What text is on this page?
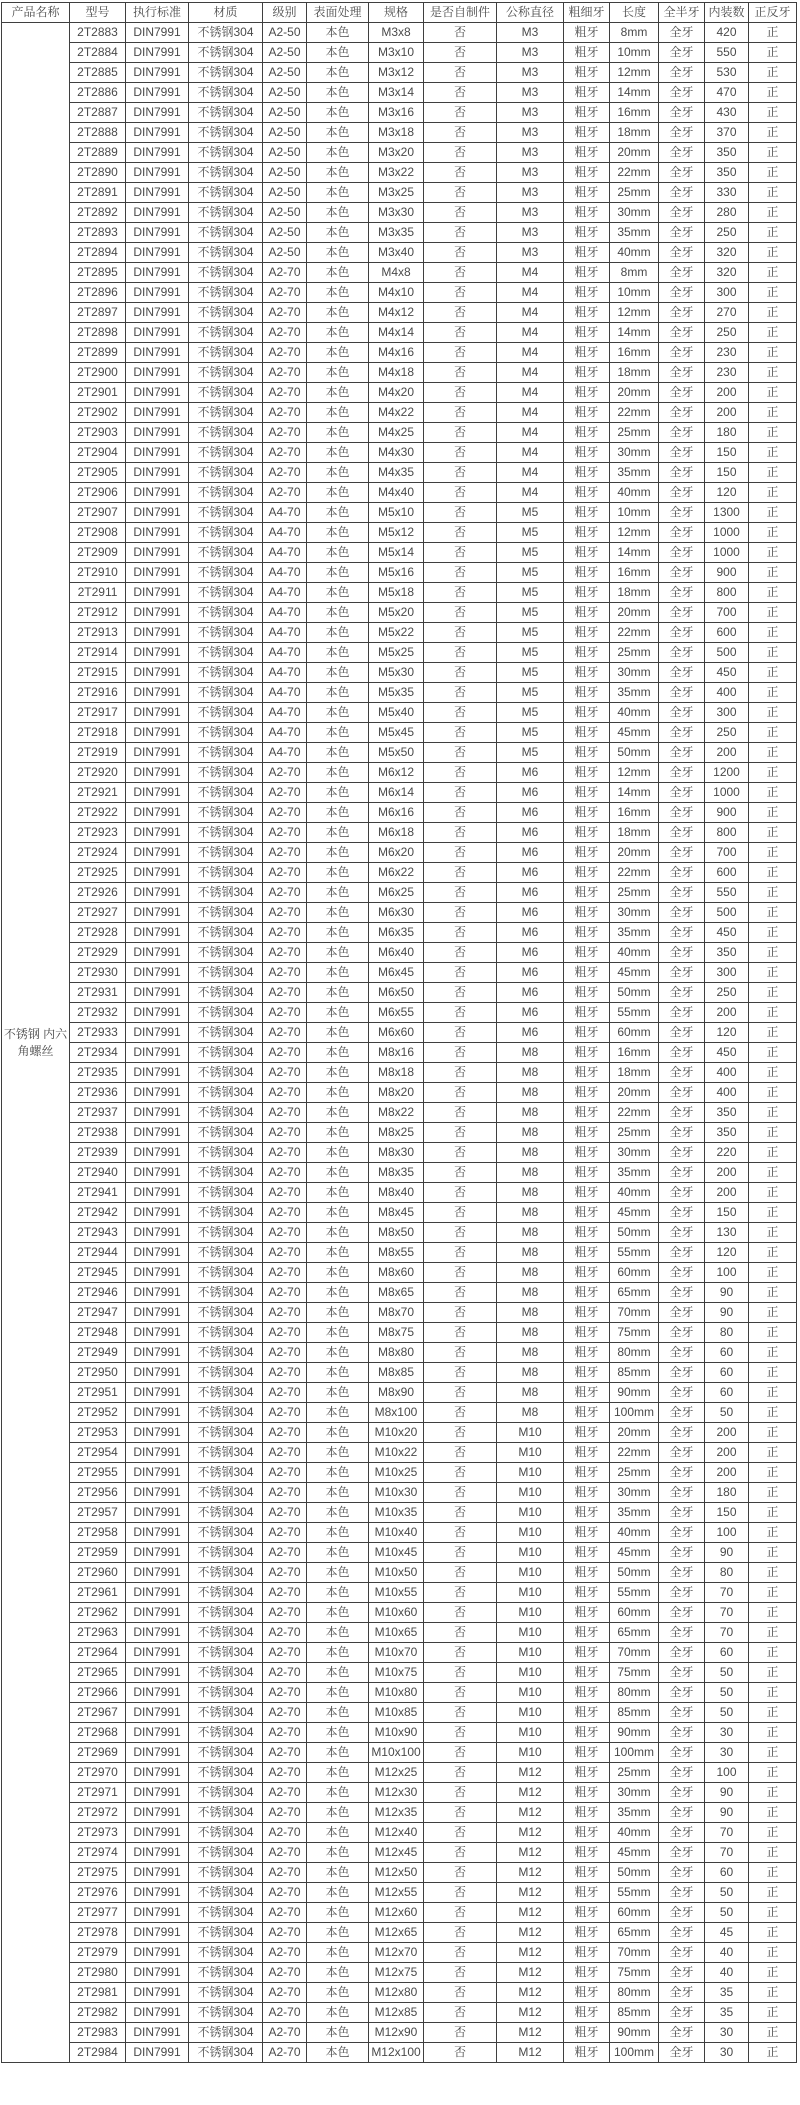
产品名称	型号	执行标准	材质	级别	表面处理	规格	是否自制件	公称直径	粗细牙	长度	全半牙	内装数	正反牙
不锈钢 内六角螺丝	2T2883	DIN7991	不锈钢304	A2-50	本色	M3x8	否	M3	粗牙	8mm	全牙	420	正
	2T2884	DIN7991	不锈钢304	A2-50	本色	M3x10	否	M3	粗牙	10mm	全牙	550	正
	2T2885	DIN7991	不锈钢304	A2-50	本色	M3x12	否	M3	粗牙	12mm	全牙	530	正
	2T2886	DIN7991	不锈钢304	A2-50	本色	M3x14	否	M3	粗牙	14mm	全牙	470	正
	2T2887	DIN7991	不锈钢304	A2-50	本色	M3x16	否	M3	粗牙	16mm	全牙	430	正
	2T2888	DIN7991	不锈钢304	A2-50	本色	M3x18	否	M3	粗牙	18mm	全牙	370	正
	2T2889	DIN7991	不锈钢304	A2-50	本色	M3x20	否	M3	粗牙	20mm	全牙	350	正
	2T2890	DIN7991	不锈钢304	A2-50	本色	M3x22	否	M3	粗牙	22mm	全牙	350	正
	2T2891	DIN7991	不锈钢304	A2-50	本色	M3x25	否	M3	粗牙	25mm	全牙	330	正
	2T2892	DIN7991	不锈钢304	A2-50	本色	M3x30	否	M3	粗牙	30mm	全牙	280	正
	2T2893	DIN7991	不锈钢304	A2-50	本色	M3x35	否	M3	粗牙	35mm	全牙	250	正
	2T2894	DIN7991	不锈钢304	A2-50	本色	M3x40	否	M3	粗牙	40mm	全牙	320	正
	2T2895	DIN7991	不锈钢304	A2-70	本色	M4x8	否	M4	粗牙	8mm	全牙	320	正
	2T2896	DIN7991	不锈钢304	A2-70	本色	M4x10	否	M4	粗牙	10mm	全牙	300	正
	2T2897	DIN7991	不锈钢304	A2-70	本色	M4x12	否	M4	粗牙	12mm	全牙	270	正
	2T2898	DIN7991	不锈钢304	A2-70	本色	M4x14	否	M4	粗牙	14mm	全牙	250	正
	2T2899	DIN7991	不锈钢304	A2-70	本色	M4x16	否	M4	粗牙	16mm	全牙	230	正
	2T2900	DIN7991	不锈钢304	A2-70	本色	M4x18	否	M4	粗牙	18mm	全牙	230	正
	2T2901	DIN7991	不锈钢304	A2-70	本色	M4x20	否	M4	粗牙	20mm	全牙	200	正
	2T2902	DIN7991	不锈钢304	A2-70	本色	M4x22	否	M4	粗牙	22mm	全牙	200	正
	2T2903	DIN7991	不锈钢304	A2-70	本色	M4x25	否	M4	粗牙	25mm	全牙	180	正
	2T2904	DIN7991	不锈钢304	A2-70	本色	M4x30	否	M4	粗牙	30mm	全牙	150	正
	2T2905	DIN7991	不锈钢304	A2-70	本色	M4x35	否	M4	粗牙	35mm	全牙	150	正
	2T2906	DIN7991	不锈钢304	A2-70	本色	M4x40	否	M4	粗牙	40mm	全牙	120	正
	2T2907	DIN7991	不锈钢304	A4-70	本色	M5x10	否	M5	粗牙	10mm	全牙	1300	正
	2T2908	DIN7991	不锈钢304	A4-70	本色	M5x12	否	M5	粗牙	12mm	全牙	1000	正
	2T2909	DIN7991	不锈钢304	A4-70	本色	M5x14	否	M5	粗牙	14mm	全牙	1000	正
	2T2910	DIN7991	不锈钢304	A4-70	本色	M5x16	否	M5	粗牙	16mm	全牙	900	正
	2T2911	DIN7991	不锈钢304	A4-70	本色	M5x18	否	M5	粗牙	18mm	全牙	800	正
	2T2912	DIN7991	不锈钢304	A4-70	本色	M5x20	否	M5	粗牙	20mm	全牙	700	正
	2T2913	DIN7991	不锈钢304	A4-70	本色	M5x22	否	M5	粗牙	22mm	全牙	600	正
	2T2914	DIN7991	不锈钢304	A4-70	本色	M5x25	否	M5	粗牙	25mm	全牙	500	正
	2T2915	DIN7991	不锈钢304	A4-70	本色	M5x30	否	M5	粗牙	30mm	全牙	450	正
	2T2916	DIN7991	不锈钢304	A4-70	本色	M5x35	否	M5	粗牙	35mm	全牙	400	正
	2T2917	DIN7991	不锈钢304	A4-70	本色	M5x40	否	M5	粗牙	40mm	全牙	300	正
	2T2918	DIN7991	不锈钢304	A4-70	本色	M5x45	否	M5	粗牙	45mm	全牙	250	正
	2T2919	DIN7991	不锈钢304	A4-70	本色	M5x50	否	M5	粗牙	50mm	全牙	200	正
	2T2920	DIN7991	不锈钢304	A2-70	本色	M6x12	否	M6	粗牙	12mm	全牙	1200	正
	2T2921	DIN7991	不锈钢304	A2-70	本色	M6x14	否	M6	粗牙	14mm	全牙	1000	正
	2T2922	DIN7991	不锈钢304	A2-70	本色	M6x16	否	M6	粗牙	16mm	全牙	900	正
	2T2923	DIN7991	不锈钢304	A2-70	本色	M6x18	否	M6	粗牙	18mm	全牙	800	正
	2T2924	DIN7991	不锈钢304	A2-70	本色	M6x20	否	M6	粗牙	20mm	全牙	700	正
	2T2925	DIN7991	不锈钢304	A2-70	本色	M6x22	否	M6	粗牙	22mm	全牙	600	正
	2T2926	DIN7991	不锈钢304	A2-70	本色	M6x25	否	M6	粗牙	25mm	全牙	550	正
	2T2927	DIN7991	不锈钢304	A2-70	本色	M6x30	否	M6	粗牙	30mm	全牙	500	正
	2T2928	DIN7991	不锈钢304	A2-70	本色	M6x35	否	M6	粗牙	35mm	全牙	450	正
	2T2929	DIN7991	不锈钢304	A2-70	本色	M6x40	否	M6	粗牙	40mm	全牙	350	正
	2T2930	DIN7991	不锈钢304	A2-70	本色	M6x45	否	M6	粗牙	45mm	全牙	300	正
	2T2931	DIN7991	不锈钢304	A2-70	本色	M6x50	否	M6	粗牙	50mm	全牙	250	正
	2T2932	DIN7991	不锈钢304	A2-70	本色	M6x55	否	M6	粗牙	55mm	全牙	200	正
	2T2933	DIN7991	不锈钢304	A2-70	本色	M6x60	否	M6	粗牙	60mm	全牙	120	正
	2T2934	DIN7991	不锈钢304	A2-70	本色	M8x16	否	M8	粗牙	16mm	全牙	450	正
	2T2935	DIN7991	不锈钢304	A2-70	本色	M8x18	否	M8	粗牙	18mm	全牙	400	正
	2T2936	DIN7991	不锈钢304	A2-70	本色	M8x20	否	M8	粗牙	20mm	全牙	400	正
	2T2937	DIN7991	不锈钢304	A2-70	本色	M8x22	否	M8	粗牙	22mm	全牙	350	正
	2T2938	DIN7991	不锈钢304	A2-70	本色	M8x25	否	M8	粗牙	25mm	全牙	350	正
	2T2939	DIN7991	不锈钢304	A2-70	本色	M8x30	否	M8	粗牙	30mm	全牙	220	正
	2T2940	DIN7991	不锈钢304	A2-70	本色	M8x35	否	M8	粗牙	35mm	全牙	200	正
	2T2941	DIN7991	不锈钢304	A2-70	本色	M8x40	否	M8	粗牙	40mm	全牙	200	正
	2T2942	DIN7991	不锈钢304	A2-70	本色	M8x45	否	M8	粗牙	45mm	全牙	150	正
	2T2943	DIN7991	不锈钢304	A2-70	本色	M8x50	否	M8	粗牙	50mm	全牙	130	正
	2T2944	DIN7991	不锈钢304	A2-70	本色	M8x55	否	M8	粗牙	55mm	全牙	120	正
	2T2945	DIN7991	不锈钢304	A2-70	本色	M8x60	否	M8	粗牙	60mm	全牙	100	正
	2T2946	DIN7991	不锈钢304	A2-70	本色	M8x65	否	M8	粗牙	65mm	全牙	90	正
	2T2947	DIN7991	不锈钢304	A2-70	本色	M8x70	否	M8	粗牙	70mm	全牙	90	正
	2T2948	DIN7991	不锈钢304	A2-70	本色	M8x75	否	M8	粗牙	75mm	全牙	80	正
	2T2949	DIN7991	不锈钢304	A2-70	本色	M8x80	否	M8	粗牙	80mm	全牙	60	正
	2T2950	DIN7991	不锈钢304	A2-70	本色	M8x85	否	M8	粗牙	85mm	全牙	60	正
	2T2951	DIN7991	不锈钢304	A2-70	本色	M8x90	否	M8	粗牙	90mm	全牙	60	正
	2T2952	DIN7991	不锈钢304	A2-70	本色	M8x100	否	M8	粗牙	100mm	全牙	50	正
	2T2953	DIN7991	不锈钢304	A2-70	本色	M10x20	否	M10	粗牙	20mm	全牙	200	正
	2T2954	DIN7991	不锈钢304	A2-70	本色	M10x22	否	M10	粗牙	22mm	全牙	200	正
	2T2955	DIN7991	不锈钢304	A2-70	本色	M10x25	否	M10	粗牙	25mm	全牙	200	正
	2T2956	DIN7991	不锈钢304	A2-70	本色	M10x30	否	M10	粗牙	30mm	全牙	180	正
	2T2957	DIN7991	不锈钢304	A2-70	本色	M10x35	否	M10	粗牙	35mm	全牙	150	正
	2T2958	DIN7991	不锈钢304	A2-70	本色	M10x40	否	M10	粗牙	40mm	全牙	100	正
	2T2959	DIN7991	不锈钢304	A2-70	本色	M10x45	否	M10	粗牙	45mm	全牙	90	正
	2T2960	DIN7991	不锈钢304	A2-70	本色	M10x50	否	M10	粗牙	50mm	全牙	80	正
	2T2961	DIN7991	不锈钢304	A2-70	本色	M10x55	否	M10	粗牙	55mm	全牙	70	正
	2T2962	DIN7991	不锈钢304	A2-70	本色	M10x60	否	M10	粗牙	60mm	全牙	70	正
	2T2963	DIN7991	不锈钢304	A2-70	本色	M10x65	否	M10	粗牙	65mm	全牙	70	正
	2T2964	DIN7991	不锈钢304	A2-70	本色	M10x70	否	M10	粗牙	70mm	全牙	60	正
	2T2965	DIN7991	不锈钢304	A2-70	本色	M10x75	否	M10	粗牙	75mm	全牙	50	正
	2T2966	DIN7991	不锈钢304	A2-70	本色	M10x80	否	M10	粗牙	80mm	全牙	50	正
	2T2967	DIN7991	不锈钢304	A2-70	本色	M10x85	否	M10	粗牙	85mm	全牙	50	正
	2T2968	DIN7991	不锈钢304	A2-70	本色	M10x90	否	M10	粗牙	90mm	全牙	30	正
	2T2969	DIN7991	不锈钢304	A2-70	本色	M10x100	否	M10	粗牙	100mm	全牙	30	正
	2T2970	DIN7991	不锈钢304	A2-70	本色	M12x25	否	M12	粗牙	25mm	全牙	100	正
	2T2971	DIN7991	不锈钢304	A2-70	本色	M12x30	否	M12	粗牙	30mm	全牙	90	正
	2T2972	DIN7991	不锈钢304	A2-70	本色	M12x35	否	M12	粗牙	35mm	全牙	90	正
	2T2973	DIN7991	不锈钢304	A2-70	本色	M12x40	否	M12	粗牙	40mm	全牙	70	正
	2T2974	DIN7991	不锈钢304	A2-70	本色	M12x45	否	M12	粗牙	45mm	全牙	70	正
	2T2975	DIN7991	不锈钢304	A2-70	本色	M12x50	否	M12	粗牙	50mm	全牙	60	正
	2T2976	DIN7991	不锈钢304	A2-70	本色	M12x55	否	M12	粗牙	55mm	全牙	50	正
	2T2977	DIN7991	不锈钢304	A2-70	本色	M12x60	否	M12	粗牙	60mm	全牙	50	正
	2T2978	DIN7991	不锈钢304	A2-70	本色	M12x65	否	M12	粗牙	65mm	全牙	45	正
	2T2979	DIN7991	不锈钢304	A2-70	本色	M12x70	否	M12	粗牙	70mm	全牙	40	正
	2T2980	DIN7991	不锈钢304	A2-70	本色	M12x75	否	M12	粗牙	75mm	全牙	40	正
	2T2981	DIN7991	不锈钢304	A2-70	本色	M12x80	否	M12	粗牙	80mm	全牙	35	正
	2T2982	DIN7991	不锈钢304	A2-70	本色	M12x85	否	M12	粗牙	85mm	全牙	35	正
	2T2983	DIN7991	不锈钢304	A2-70	本色	M12x90	否	M12	粗牙	90mm	全牙	30	正
	2T2984	DIN7991	不锈钢304	A2-70	本色	M12x100	否	M12	粗牙	100mm	全牙	30	正
